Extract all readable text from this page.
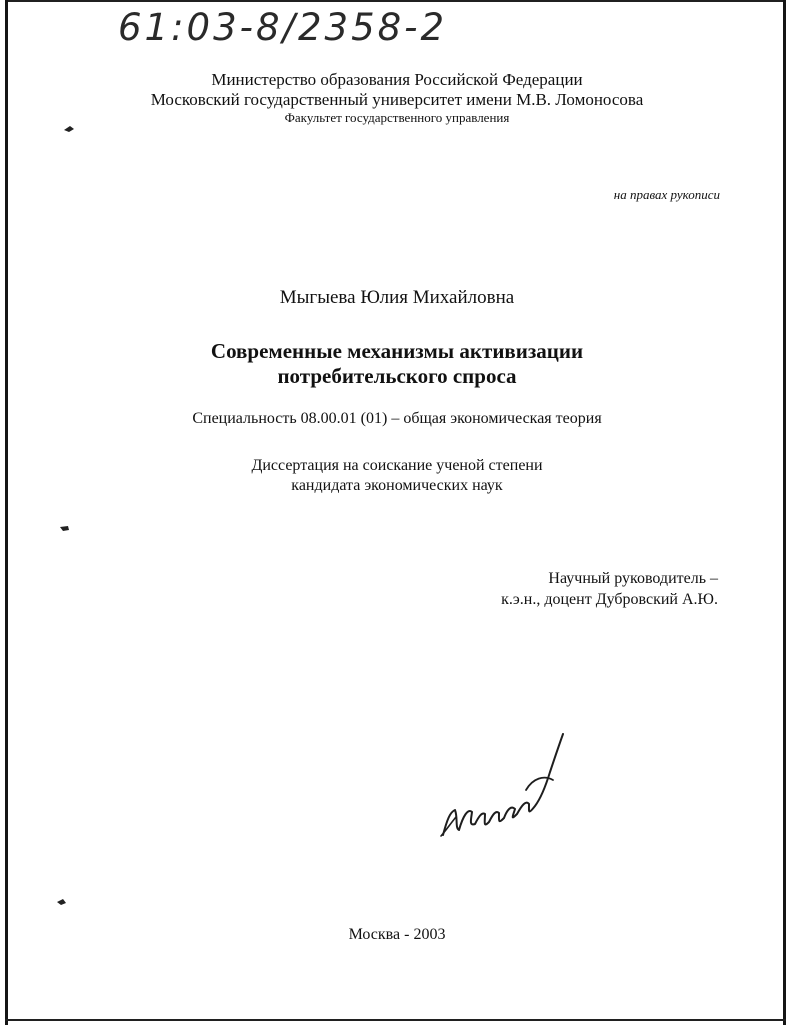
61:03-8/2358-2
Министерство образования Российской Федерации
Московский государственный университет имени М.В. Ломоносова
Факультет государственного управления
на правах рукописи
Мыгыева Юлия Михайловна
Современные механизмы активизации
потребительского спроса
Специальность 08.00.01 (01) – общая экономическая теория
Диссертация на соискание ученой степени
кандидата экономических наук
Научный руководитель –
к.э.н., доцент Дубровский А.Ю.
Москва - 2003
